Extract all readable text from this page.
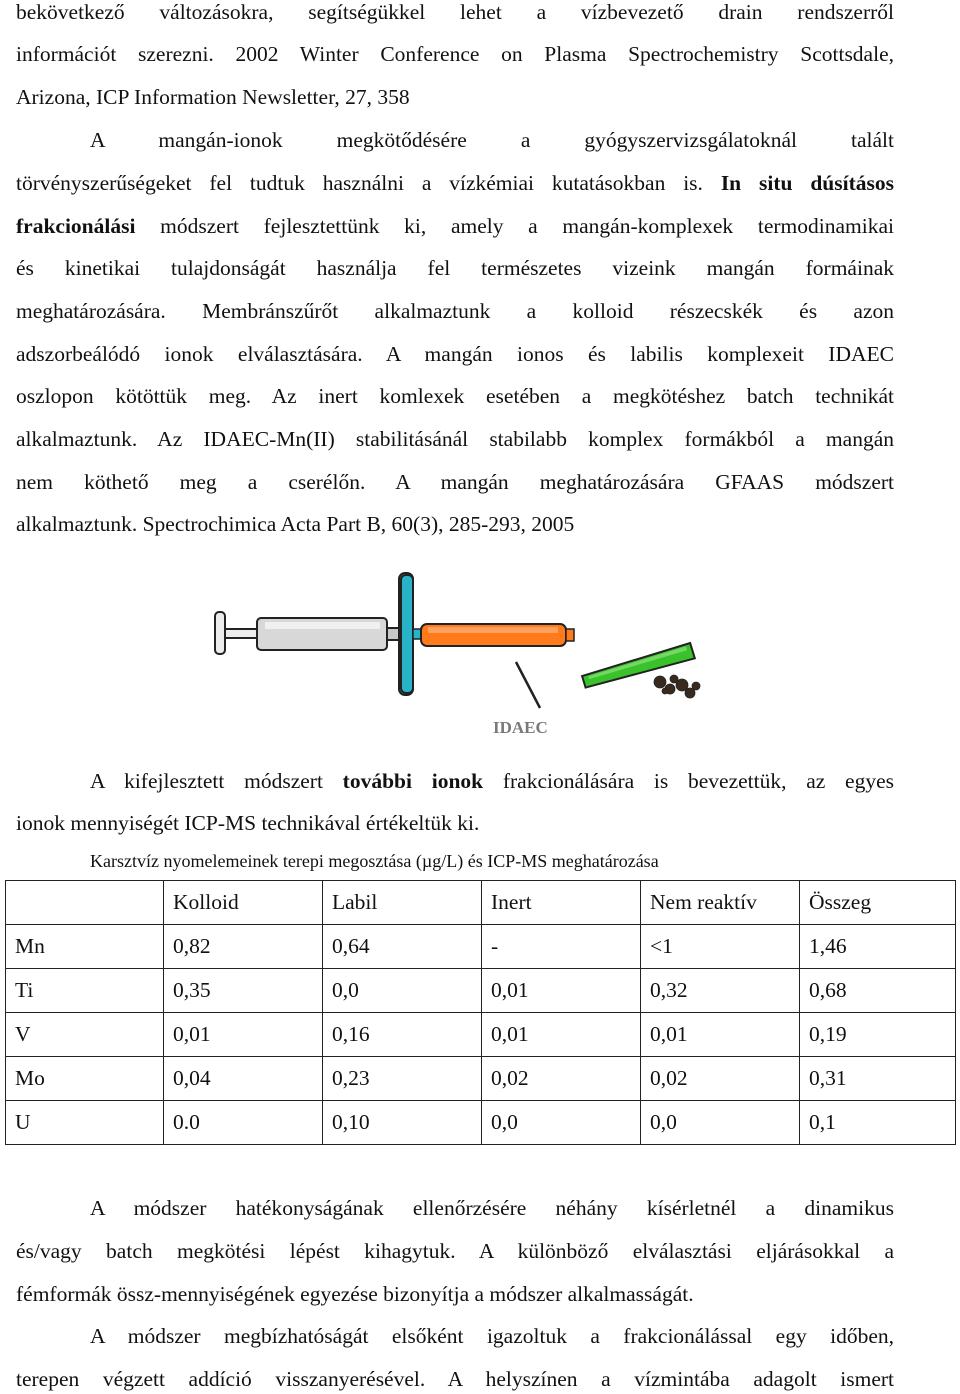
bekövetkező változásokra, segítségükkel lehet a vízbevezető drain rendszerről
információt szerezni. 2002 Winter Conference on Plasma Spectrochemistry Scottsdale,
Arizona, ICP Information Newsletter, 27, 358
A mangán-ionok megkötődésére a gyógyszervizsgálatoknál talált
törvényszerűségeket fel tudtuk használni a vízkémiai kutatásokban is. In situ dúsításos
frakcionálási módszert fejlesztettünk ki, amely a mangán-komplexek termodinamikai
és kinetikai tulajdonságát használja fel természetes vizeink mangán formáinak
meghatározására. Membránszűrőt alkalmaztunk a kolloid részecskék és azon
adszorbeálódó ionok elválasztására. A mangán ionos és labilis komplexeit IDAEC
oszlopon kötöttük meg. Az inert komlexek esetében a megkötéshez batch technikát
alkalmaztunk. Az IDAEC-Mn(II) stabilitásánál stabilabb komplex formákból a mangán
nem köthető meg a cserélőn. A mangán meghatározására GFAAS módszert
alkalmaztunk. Spectrochimica Acta Part B, 60(3), 285-293, 2005
IDAEC
A kifejlesztett módszert további ionok frakcionálására is bevezettük, az egyes
ionok mennyiségét ICP-MS technikával értékeltük ki.
Karsztvíz nyomelemeinek terepi megosztása (µg/L) és ICP-MS meghatározása
	Kolloid	Labil	Inert	Nem reaktív	Összeg
Mn	0,82	0,64	-	<1	1,46
Ti	0,35	0,0	0,01	0,32	0,68
V	0,01	0,16	0,01	0,01	0,19
Mo	0,04	0,23	0,02	0,02	0,31
U	0.0	0,10	0,0	0,0	0,1
A módszer hatékonyságának ellenőrzésére néhány kísérletnél a dinamikus
és/vagy batch megkötési lépést kihagytuk. A különböző elválasztási eljárásokkal a
fémformák össz-mennyiségének egyezése bizonyítja a módszer alkalmasságát.
A módszer megbízhatóságát elsőként igazoltuk a frakcionálással egy időben,
terepen végzett addíció visszanyerésével. A helyszínen a vízmintába adagolt ismert
